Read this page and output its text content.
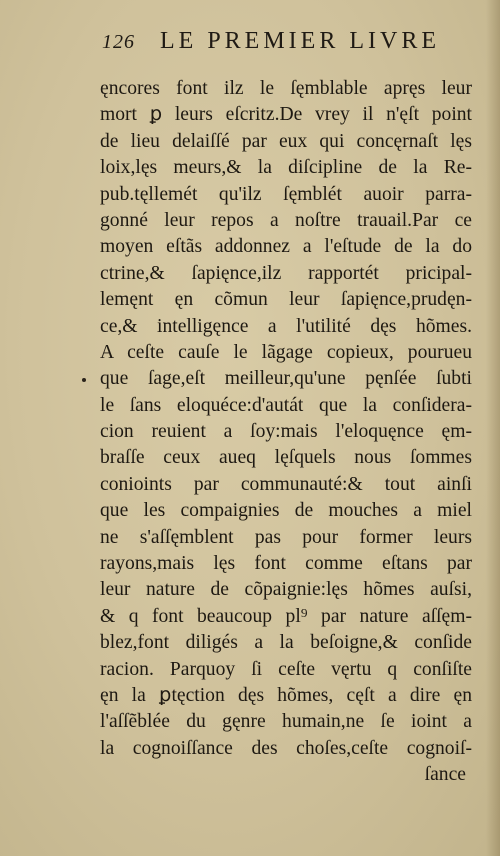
126	LE PREMIER LIVRE
ęncores font ilz le ſęmblable apręs leur
mort ꝑ leurs eſcritz.De vrey il n'ęſt point
de lieu delaiſſé par eux qui concęrnaſt lęs
loix,lęs meurs,& la diſcipline de la Re-
pub.tęllemét qu'ilz ſęmblét auoir parra-
gonné leur repos a noſtre trauail.Par ce
moyen eſtãs addonnez a l'eſtude de la do
ctrine,& ſapięnce,ilz rapportét pricipal-
lemęnt ęn cõmun leur ſapięnce,prudęn-
ce,& intelligęnce a l'utilité dęs hõmes.
A ceſte cauſe le lãgage copieux, pourueu
que ſage,eſt meilleur,qu'une pęnſée ſubti
le ſans eloquéce:d'autát que la conſidera-
cion reuient a ſoy:mais l'eloquęnce ęm-
braſſe ceux aueq lęſquels nous ſommes
conioints par communauté:& tout ainſi
que les compaignies de mouches a miel
ne s'aſſęmblent pas pour former leurs
rayons,mais lęs font comme eſtans par
leur nature de cõpaignie:lęs hõmes auſsi,
& q font beaucoup pl⁹ par nature aſſęm-
blez,font diligés a la beſoigne,& conſide
racion. Parquoy ſi ceſte vęrtu q conſiſte
ęn la ꝑtęction dęs hõmes, cęſt a dire ęn
l'aſſẽblée du gęnre humain,ne ſe ioint a
la cognoiſſance des choſes,ceſte cognoiſ-
ſance
